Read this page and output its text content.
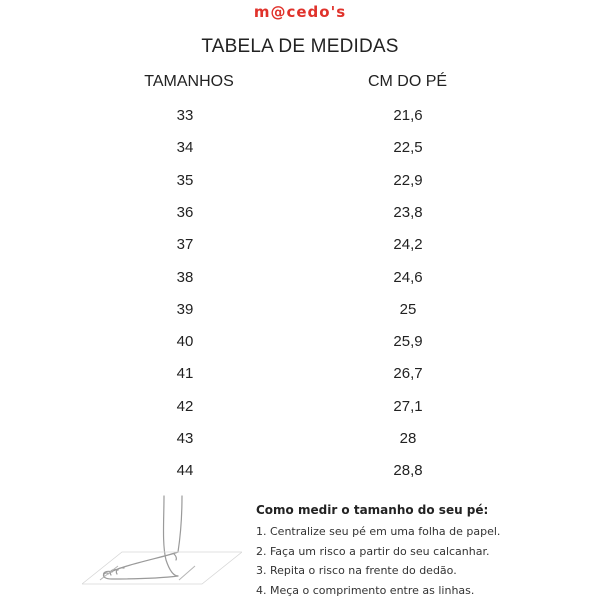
m@cedo's
TABELA DE MEDIDAS
TAMANHOS	CM DO PÉ
33	21,6
34	22,5
35	22,9
36	23,8
37	24,2
38	24,6
39	25
40	25,9
41	26,7
42	27,1
43	28
44	28,8
Como medir o tamanho do seu pé:
1. Centralize seu pé em uma folha de papel.
2. Faça um risco a partir do seu calcanhar.
3. Repita o risco na frente do dedão.
4. Meça o comprimento entre as linhas.
